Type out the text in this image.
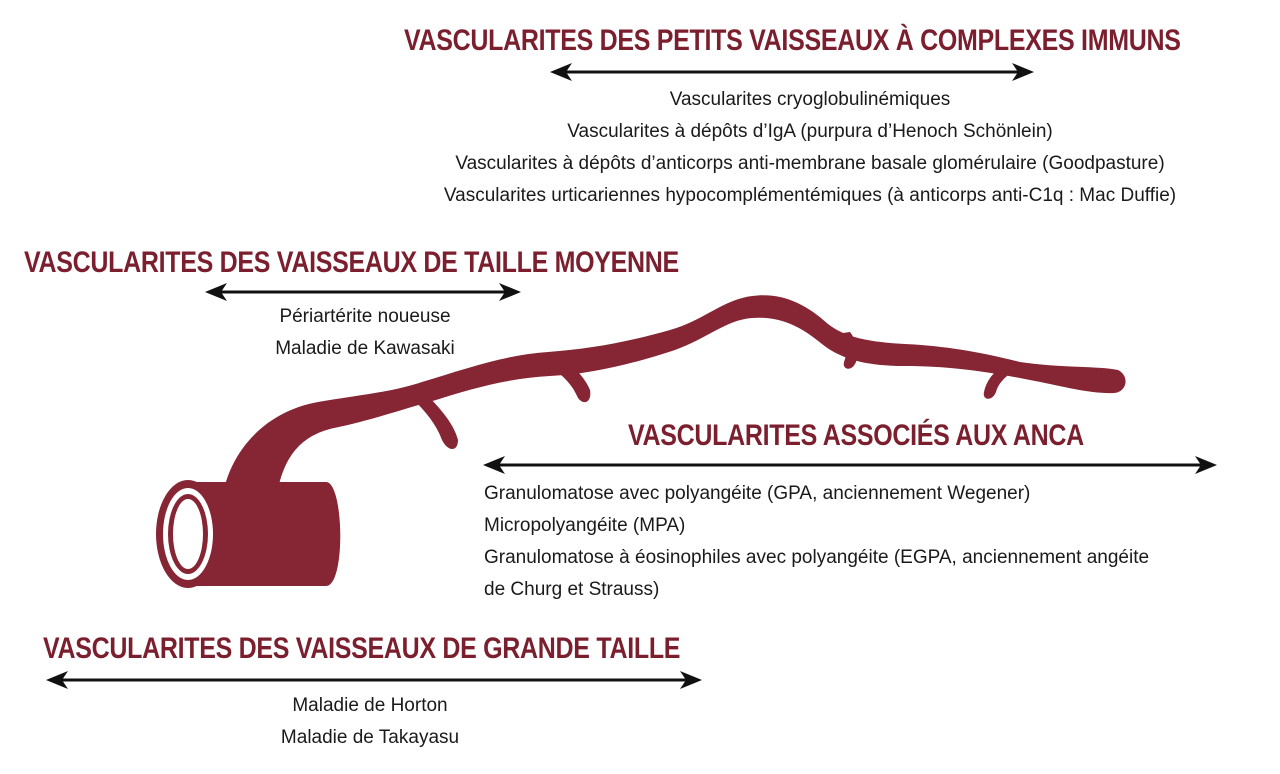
VASCULARITES DES PETITS VAISSEAUX À COMPLEXES IMMUNS
Vascularites cryoglobulinémiques
Vascularites à dépôts d’IgA (purpura d’Henoch Schönlein)
Vascularites à dépôts d’anticorps anti-membrane basale glomérulaire (Goodpasture)
Vascularites urticariennes hypocomplémentémiques (à anticorps anti-C1q : Mac Duffie)
VASCULARITES DES VAISSEAUX DE TAILLE MOYENNE
Périartérite noueuse
Maladie de Kawasaki
VASCULARITES ASSOCIÉS AUX ANCA
Granulomatose avec polyangéite (GPA, anciennement Wegener)
Micropolyangéite (MPA)
Granulomatose à éosinophiles avec polyangéite (EGPA, anciennement angéite
de Churg et Strauss)
VASCULARITES DES VAISSEAUX DE GRANDE TAILLE
Maladie de Horton
Maladie de Takayasu
